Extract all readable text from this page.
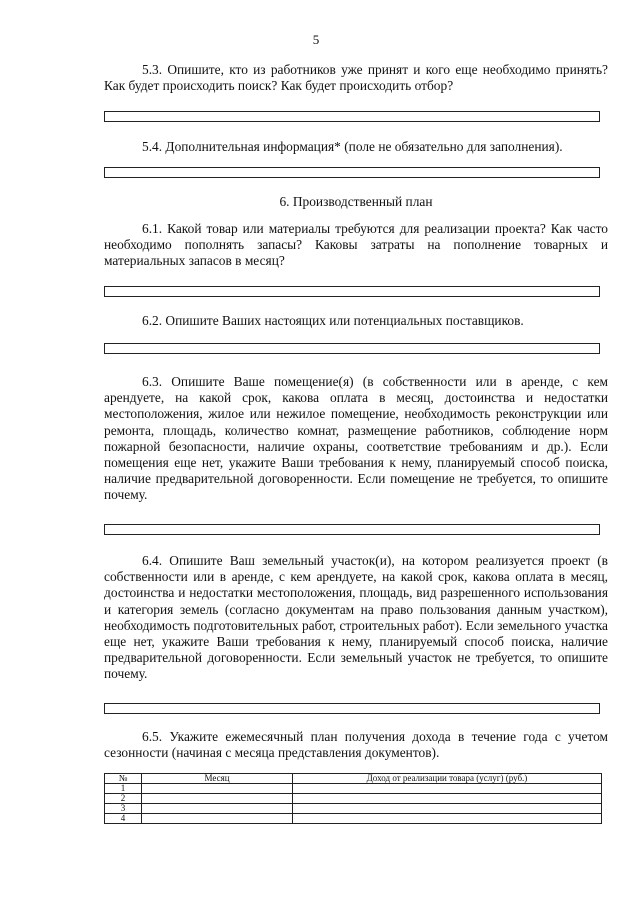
5

5.3. Опишите, кто из работников уже принят и кого еще необходимо принять? Как будет происходить поиск? Как будет происходить отбор?

5.4. Дополнительная информация* (поле не обязательно для заполнения).

6. Производственный план

6.1. Какой товар или материалы требуются для реализации проекта? Как часто необходимо пополнять запасы? Каковы затраты на пополнение товарных и материальных запасов в месяц?

6.2. Опишите Ваших настоящих или потенциальных поставщиков.

6.3. Опишите Ваше помещение(я) (в собственности или в аренде, с кем арендуете, на какой срок, какова оплата в месяц, достоинства и недостатки местоположения, жилое или нежилое помещение, необходимость реконструкции или ремонта, площадь, количество комнат, размещение работников, соблюдение норм пожарной безопасности, наличие охраны, соответствие требованиям и др.). Если помещения еще нет, укажите Ваши требования к нему, планируемый способ поиска, наличие предварительной договоренности. Если помещение не требуется, то опишите почему.

6.4. Опишите Ваш земельный участок(и), на котором реализуется проект (в собственности или в аренде, с кем арендуете, на какой срок, какова оплата в месяц, достоинства и недостатки местоположения, площадь, вид разрешенного использования и категория земель (согласно документам на право пользования данным участком), необходимость подготовительных работ, строительных работ). Если земельного участка еще нет, укажите Ваши требования к нему, планируемый способ поиска, наличие предварительной договоренности. Если земельный участок не требуется, то опишите почему.

6.5. Укажите ежемесячный план получения дохода в течение года с учетом сезонности (начиная с месяца представления документов).

№	Месяц	Доход от реализации товара (услуг) (руб.)
1		
2		
3		
4		
